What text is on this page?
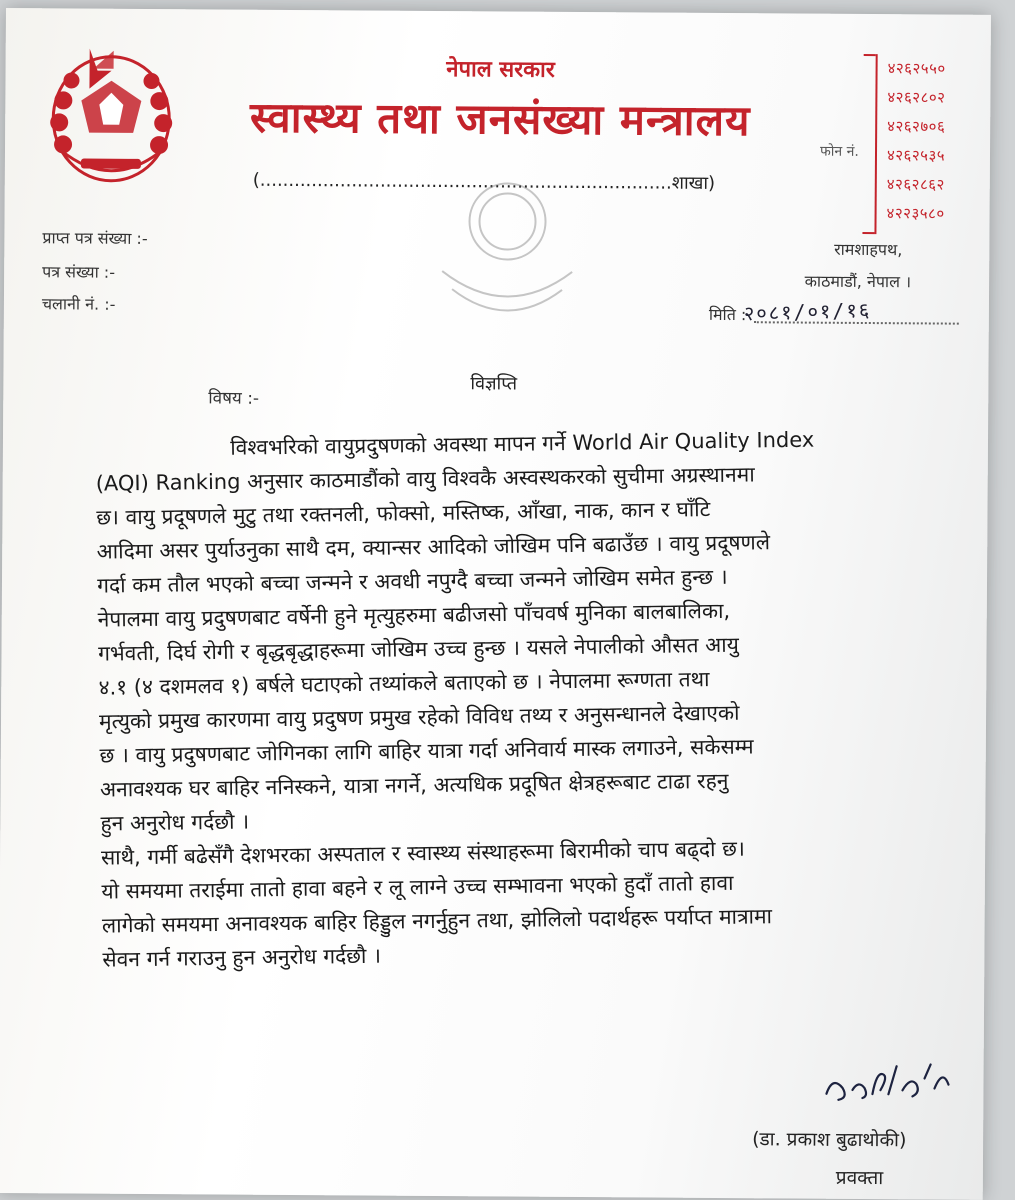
नेपाल सरकार
स्वास्थ्य तथा जनसंख्या मन्त्रालय
(........................................................................शाखा)
फोन नं.
४२६२५५०
४२६२८०२
४२६२७०६
४२६२५३५
४२६२८६२
४२२३५८०
प्राप्त पत्र संख्या :-
पत्र संख्या :-
चलानी नं. :-
रामशाहपथ,
काठमाडौं, नेपाल ।
मिति :
२०८१/०१/१६
विषय :-
विज्ञप्ति
विश्वभरिको वायुप्रदुषणको अवस्था मापन गर्ने World Air Quality Index
(AQI) Ranking अनुसार काठमाडौंको वायु विश्वकै अस्वस्थकरको सुचीमा अग्रस्थानमा
छ। वायु प्रदूषणले मुटु तथा रक्तनली, फोक्सो, मस्तिष्क, आँखा, नाक, कान र घाँटि
आदिमा असर पुर्याउनुका साथै दम, क्यान्सर आदिको जोखिम पनि बढाउँछ । वायु प्रदूषणले
गर्दा कम तौल भएको बच्चा जन्मने र अवधी नपुग्दै बच्चा जन्मने जोखिम समेत हुन्छ ।
नेपालमा वायु प्रदुषणबाट वर्षेनी हुने मृत्युहरुमा बढीजसो पाँचवर्ष मुनिका बालबालिका,
गर्भवती, दिर्घ रोगी र बृद्धबृद्धाहरूमा जोखिम उच्च हुन्छ । यसले नेपालीको औसत आयु
४.१ (४ दशमलव १) बर्षले घटाएको तथ्यांकले बताएको छ । नेपालमा रूग्णता तथा
मृत्युको प्रमुख कारणमा वायु प्रदुषण प्रमुख रहेको विविध तथ्य र अनुसन्धानले देखाएको
छ । वायु प्रदुषणबाट जोगिनका लागि बाहिर यात्रा गर्दा अनिवार्य मास्क लगाउने, सकेसम्म
अनावश्यक घर बाहिर ननिस्कने, यात्रा नगर्ने, अत्यधिक प्रदूषित क्षेत्रहरूबाट टाढा रहनु
हुन अनुरोध गर्दछौ ।
साथै, गर्मी बढेसँगै देशभरका अस्पताल र स्वास्थ्य संस्थाहरूमा बिरामीको चाप बढ्दो छ।
यो समयमा तराईमा तातो हावा बहने र लू लाग्ने उच्च सम्भावना भएको हुदाँ तातो हावा
लागेको समयमा अनावश्यक बाहिर हिड्डुल नगर्नुहुन तथा, झोलिलो पदार्थहरू पर्याप्त मात्रामा
सेवन गर्न गराउनु हुन अनुरोध गर्दछौ ।
(डा. प्रकाश बुढाथोकी)
प्रवक्ता
